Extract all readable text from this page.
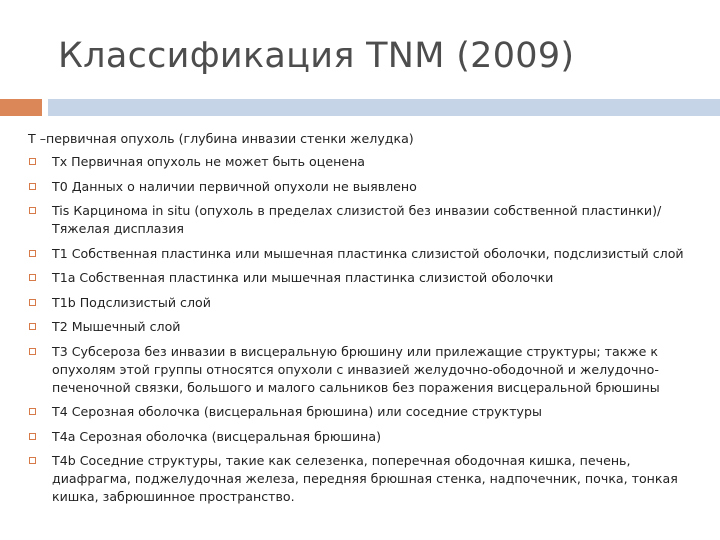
Классификация TNM (2009)

T –первичная опухоль (глубина инвазии стенки желудка)

Tx Первичная опухоль не может быть оценена
T0 Данных о наличии первичной опухоли не выявлено
Tis Карцинома in situ (опухоль в пределах слизистой без инвазии собственной пластинки)/ Тяжелая дисплазия
T1 Собственная пластинка или мышечная пластинка слизистой оболочки, подслизистый слой
T1a Собственная пластинка или мышечная пластинка слизистой оболочки
T1b Подслизистый слой
T2 Мышечный слой
T3 Субсероза без инвазии в висцеральную брюшину или прилежащие структуры; также к опухолям этой группы относятся опухоли с инвазией желудочно-ободочной и желудочно-печеночной связки, большого и малого сальников без поражения висцеральной брюшины
T4 Серозная оболочка (висцеральная брюшина) или соседние структуры
T4a Серозная оболочка (висцеральная брюшина)
T4b Соседние структуры, такие как селезенка, поперечная ободочная кишка, печень, диафрагма, поджелудочная железа, передняя брюшная стенка, надпочечник, почка, тонкая кишка, забрюшинное пространство.
